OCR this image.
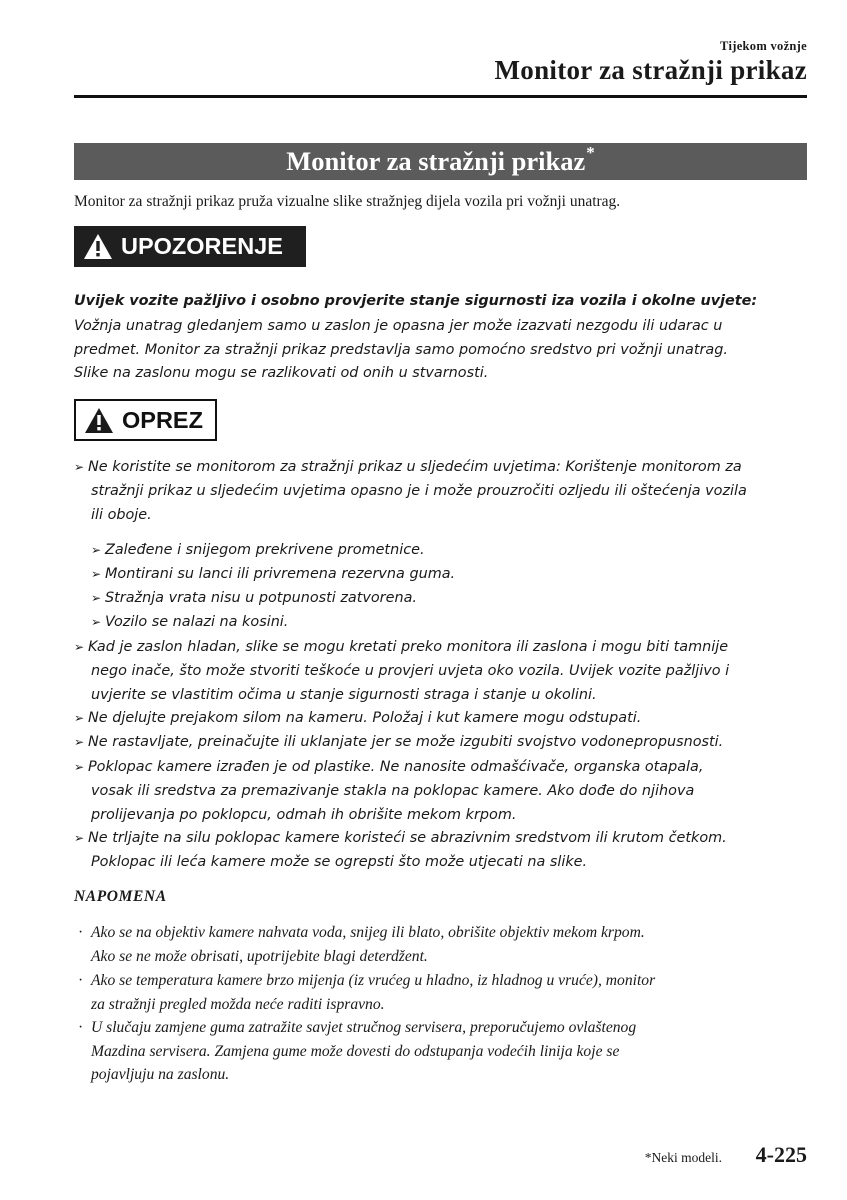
Tijekom vožnje
Monitor za stražnji prikaz
Monitor za stražnji prikaz*
Monitor za stražnji prikaz pruža vizualne slike stražnjeg dijela vozila pri vožnji unatrag.
UPOZORENJE
Uvijek vozite pažljivo i osobno provjerite stanje sigurnosti iza vozila i okolne uvjete:
Vožnja unatrag gledanjem samo u zaslon je opasna jer može izazvati nezgodu ili udarac u
predmet. Monitor za stražnji prikaz predstavlja samo pomoćno sredstvo pri vožnji unatrag.
Slike na zaslonu mogu se razlikovati od onih u stvarnosti.
OPREZ
➢ Ne koristite se monitorom za stražnji prikaz u sljedećim uvjetima: Korištenje monitorom za
stražnji prikaz u sljedećim uvjetima opasno je i može prouzročiti ozljedu ili oštećenja vozila
ili oboje.
➢ Zaleđene i snijegom prekrivene prometnice.
➢ Montirani su lanci ili privremena rezervna guma.
➢ Stražnja vrata nisu u potpunosti zatvorena.
➢ Vozilo se nalazi na kosini.
➢ Kad je zaslon hladan, slike se mogu kretati preko monitora ili zaslona i mogu biti tamnije
nego inače, što može stvoriti teškoće u provjeri uvjeta oko vozila. Uvijek vozite pažljivo i
uvjerite se vlastitim očima u stanje sigurnosti straga i stanje u okolini.
➢ Ne djelujte prejakom silom na kameru. Položaj i kut kamere mogu odstupati.
➢ Ne rastavljate, preinačujte ili uklanjate jer se može izgubiti svojstvo vodonepropusnosti.
➢ Poklopac kamere izrađen je od plastike. Ne nanosite odmašćivače, organska otapala,
vosak ili sredstva za premazivanje stakla na poklopac kamere. Ako dođe do njihova
prolijevanja po poklopcu, odmah ih obrišite mekom krpom.
➢ Ne trljajte na silu poklopac kamere koristeći se abrazivnim sredstvom ili krutom četkom.
Poklopac ili leća kamere može se ogrepsti što može utjecati na slike.
NAPOMENA
· Ako se na objektiv kamere nahvata voda, snijeg ili blato, obrišite objektiv mekom krpom.
Ako se ne može obrisati, upotrijebite blagi deterdžent.
· Ako se temperatura kamere brzo mijenja (iz vrućeg u hladno, iz hladnog u vruće), monitor
za stražnji pregled možda neće raditi ispravno.
· U slučaju zamjene guma zatražite savjet stručnog servisera, preporučujemo ovlaštenog
Mazdina servisera. Zamjena gume može dovesti do odstupanja vodećih linija koje se
pojavljuju na zaslonu.
*Neki modeli.	4-225
